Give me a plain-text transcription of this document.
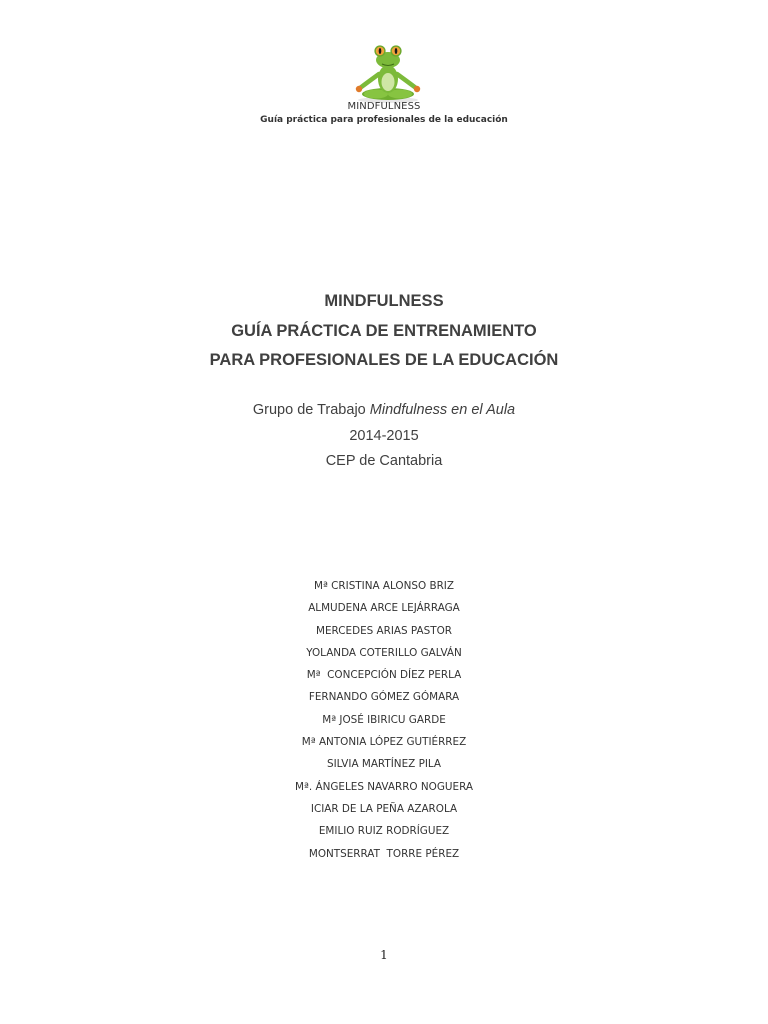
MINDFULNESS
Guía práctica para profesionales de la educación
MINDFULNESS
GUÍA PRÁCTICA DE ENTRENAMIENTO
PARA PROFESIONALES DE LA EDUCACIÓN
Grupo de Trabajo Mindfulness en el Aula
2014-2015
CEP de Cantabria
Mª CRISTINA ALONSO BRIZ
ALMUDENA ARCE LEJÁRRAGA
MERCEDES ARIAS PASTOR
YOLANDA COTERILLO GALVÁN
Mª  CONCEPCIÓN DÍEZ PERLA
FERNANDO GÓMEZ GÓMARA
Mª JOSÉ IBIRICU GARDE
Mª ANTONIA LÓPEZ GUTIÉRREZ
SILVIA MARTÍNEZ PILA
Mª. ÁNGELES NAVARRO NOGUERA
ICIAR DE LA PEÑA AZAROLA
EMILIO RUIZ RODRÍGUEZ
MONTSERRAT  TORRE PÉREZ
1
